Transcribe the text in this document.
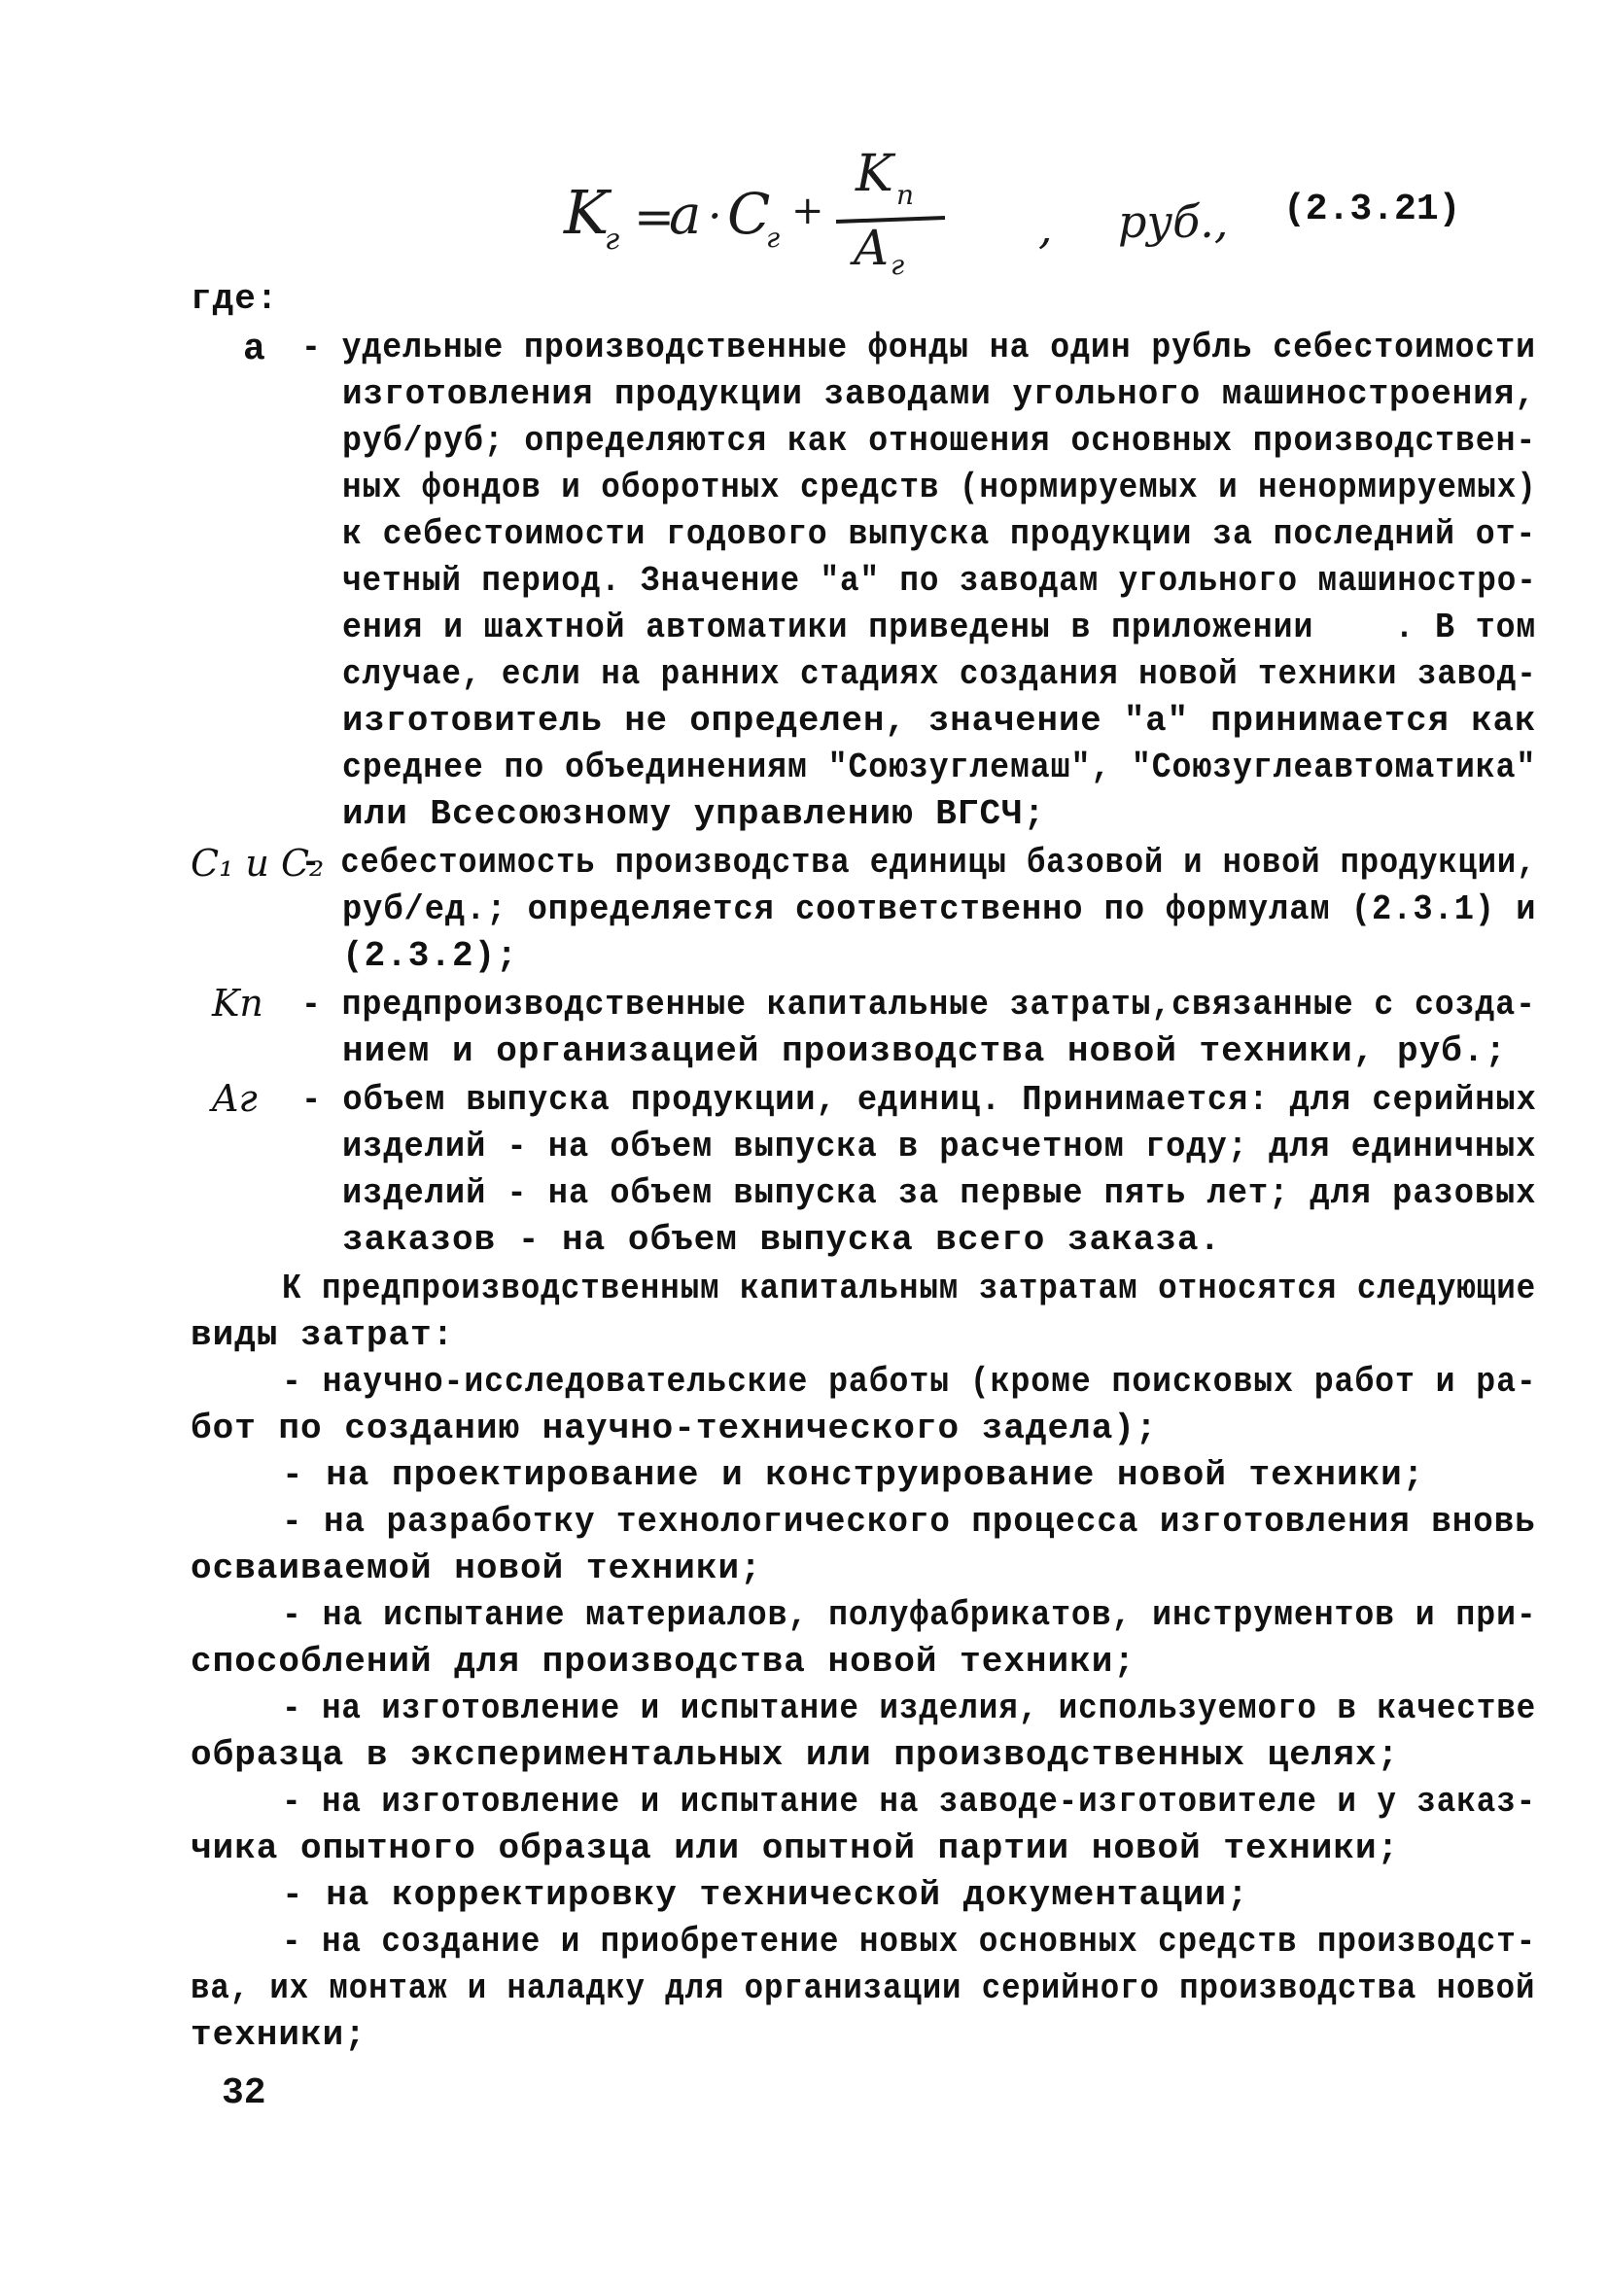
K
г =
a · C
г
+
K п
A г
, руб., (2.3.21)
где:
а - удельные производственные фонды на один рубль себестоимости
изготовления продукции заводами угольного машиностроения,
руб/руб; определяются как отношения основных производствен-
ных фондов и оборотных средств (нормируемых и ненормируемых)
к себестоимости годового выпуска продукции за последний от-
четный период. Значение "а" по заводам угольного машиностро-
ения и шахтной автоматики приведены в приложении    . В том
случае, если на ранних стадиях создания новой техники завод-
изготовитель не определен, значение "а" принимается как
среднее по объединениям "Союзуглемаш", "Союзуглеавтоматика"
или Всесоюзному управлению ВГСЧ;
C₁ и C₂
- себестоимость производства единицы базовой и новой продукции,
руб/ед.; определяется соответственно по формулам (2.3.1) и
(2.3.2);
Kп - предпроизводственные капитальные затраты,связанные с созда-
нием и организацией производства новой техники, руб.;
Aг - объем выпуска продукции, единиц. Принимается: для серийных
изделий - на объем выпуска в расчетном году; для единичных
изделий - на объем выпуска за первые пять лет; для разовых
заказов - на объем выпуска всего заказа.
К предпроизводственным капитальным затратам относятся следующие
виды затрат:
- научно-исследовательские работы (кроме поисковых работ и ра-
бот по созданию научно-технического задела);
- на проектирование и конструирование новой техники;
- на разработку технологического процесса изготовления вновь
осваиваемой новой техники;
- на испытание материалов, полуфабрикатов, инструментов и при-
способлений для производства новой техники;
- на изготовление и испытание изделия, используемого в качестве
образца в экспериментальных или производственных целях;
- на изготовление и испытание на заводе-изготовителе и у заказ-
чика опытного образца или опытной партии новой техники;
- на корректировку технической документации;
- на создание и приобретение новых основных средств производст-
ва, их монтаж и наладку для организации серийного производства новой
техники;
32
